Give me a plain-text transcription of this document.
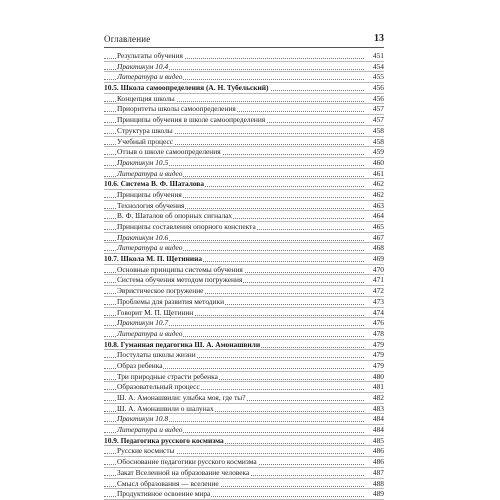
Оглавление	13
Результаты обучения	451
Практикум 10.4	454
Литература и видео	455
10.5. Школа самоопределения (А. Н. Тубельский)	456
Концепция школы	456
Приоритеты школы самоопределения	457
Принципы обучения в школе самоопределения	457
Структура школы	458
Учебный процесс	458
Отзыв о школе самоопределения	459
Практикум 10.5	460
Литература и видео	461
10.6. Система В. Ф. Шаталова	462
Принципы обучения	462
Технология обучения	463
В. Ф. Шаталов об опорных сигналах	464
Принципы составления опорного конспекта	465
Практикум 10.6	467
Литература и видео	468
10.7. Школа М. П. Щетинина	469
Основные принципы системы обучения	470
Система обучения методом погружения	471
Эвристическое погружение	472
Проблемы для развития методики	473
Говорит М. П. Щетинин	474
Практикум 10.7	476
Литература и видео	478
10.8. Гуманная педагогика Ш. А. Амонашвили	479
Постулаты школы жизни	479
Образ ребенка	479
Три природные страсти ребенка	480
Образовательный процесс	481
Ш. А. Амонашвили: улыбка моя, где ты?	482
Ш. А. Амонашвили о шалунах	483
Практикум 10.8	484
Литература и видео	484
10.9. Педагогика русского космизма	485
Русские космисты	486
Обоснование педагогики русского космизма	486
Закат Вселенной на образование человека	487
Смысл образования — вселение	488
Продуктивное освоение мира	489
